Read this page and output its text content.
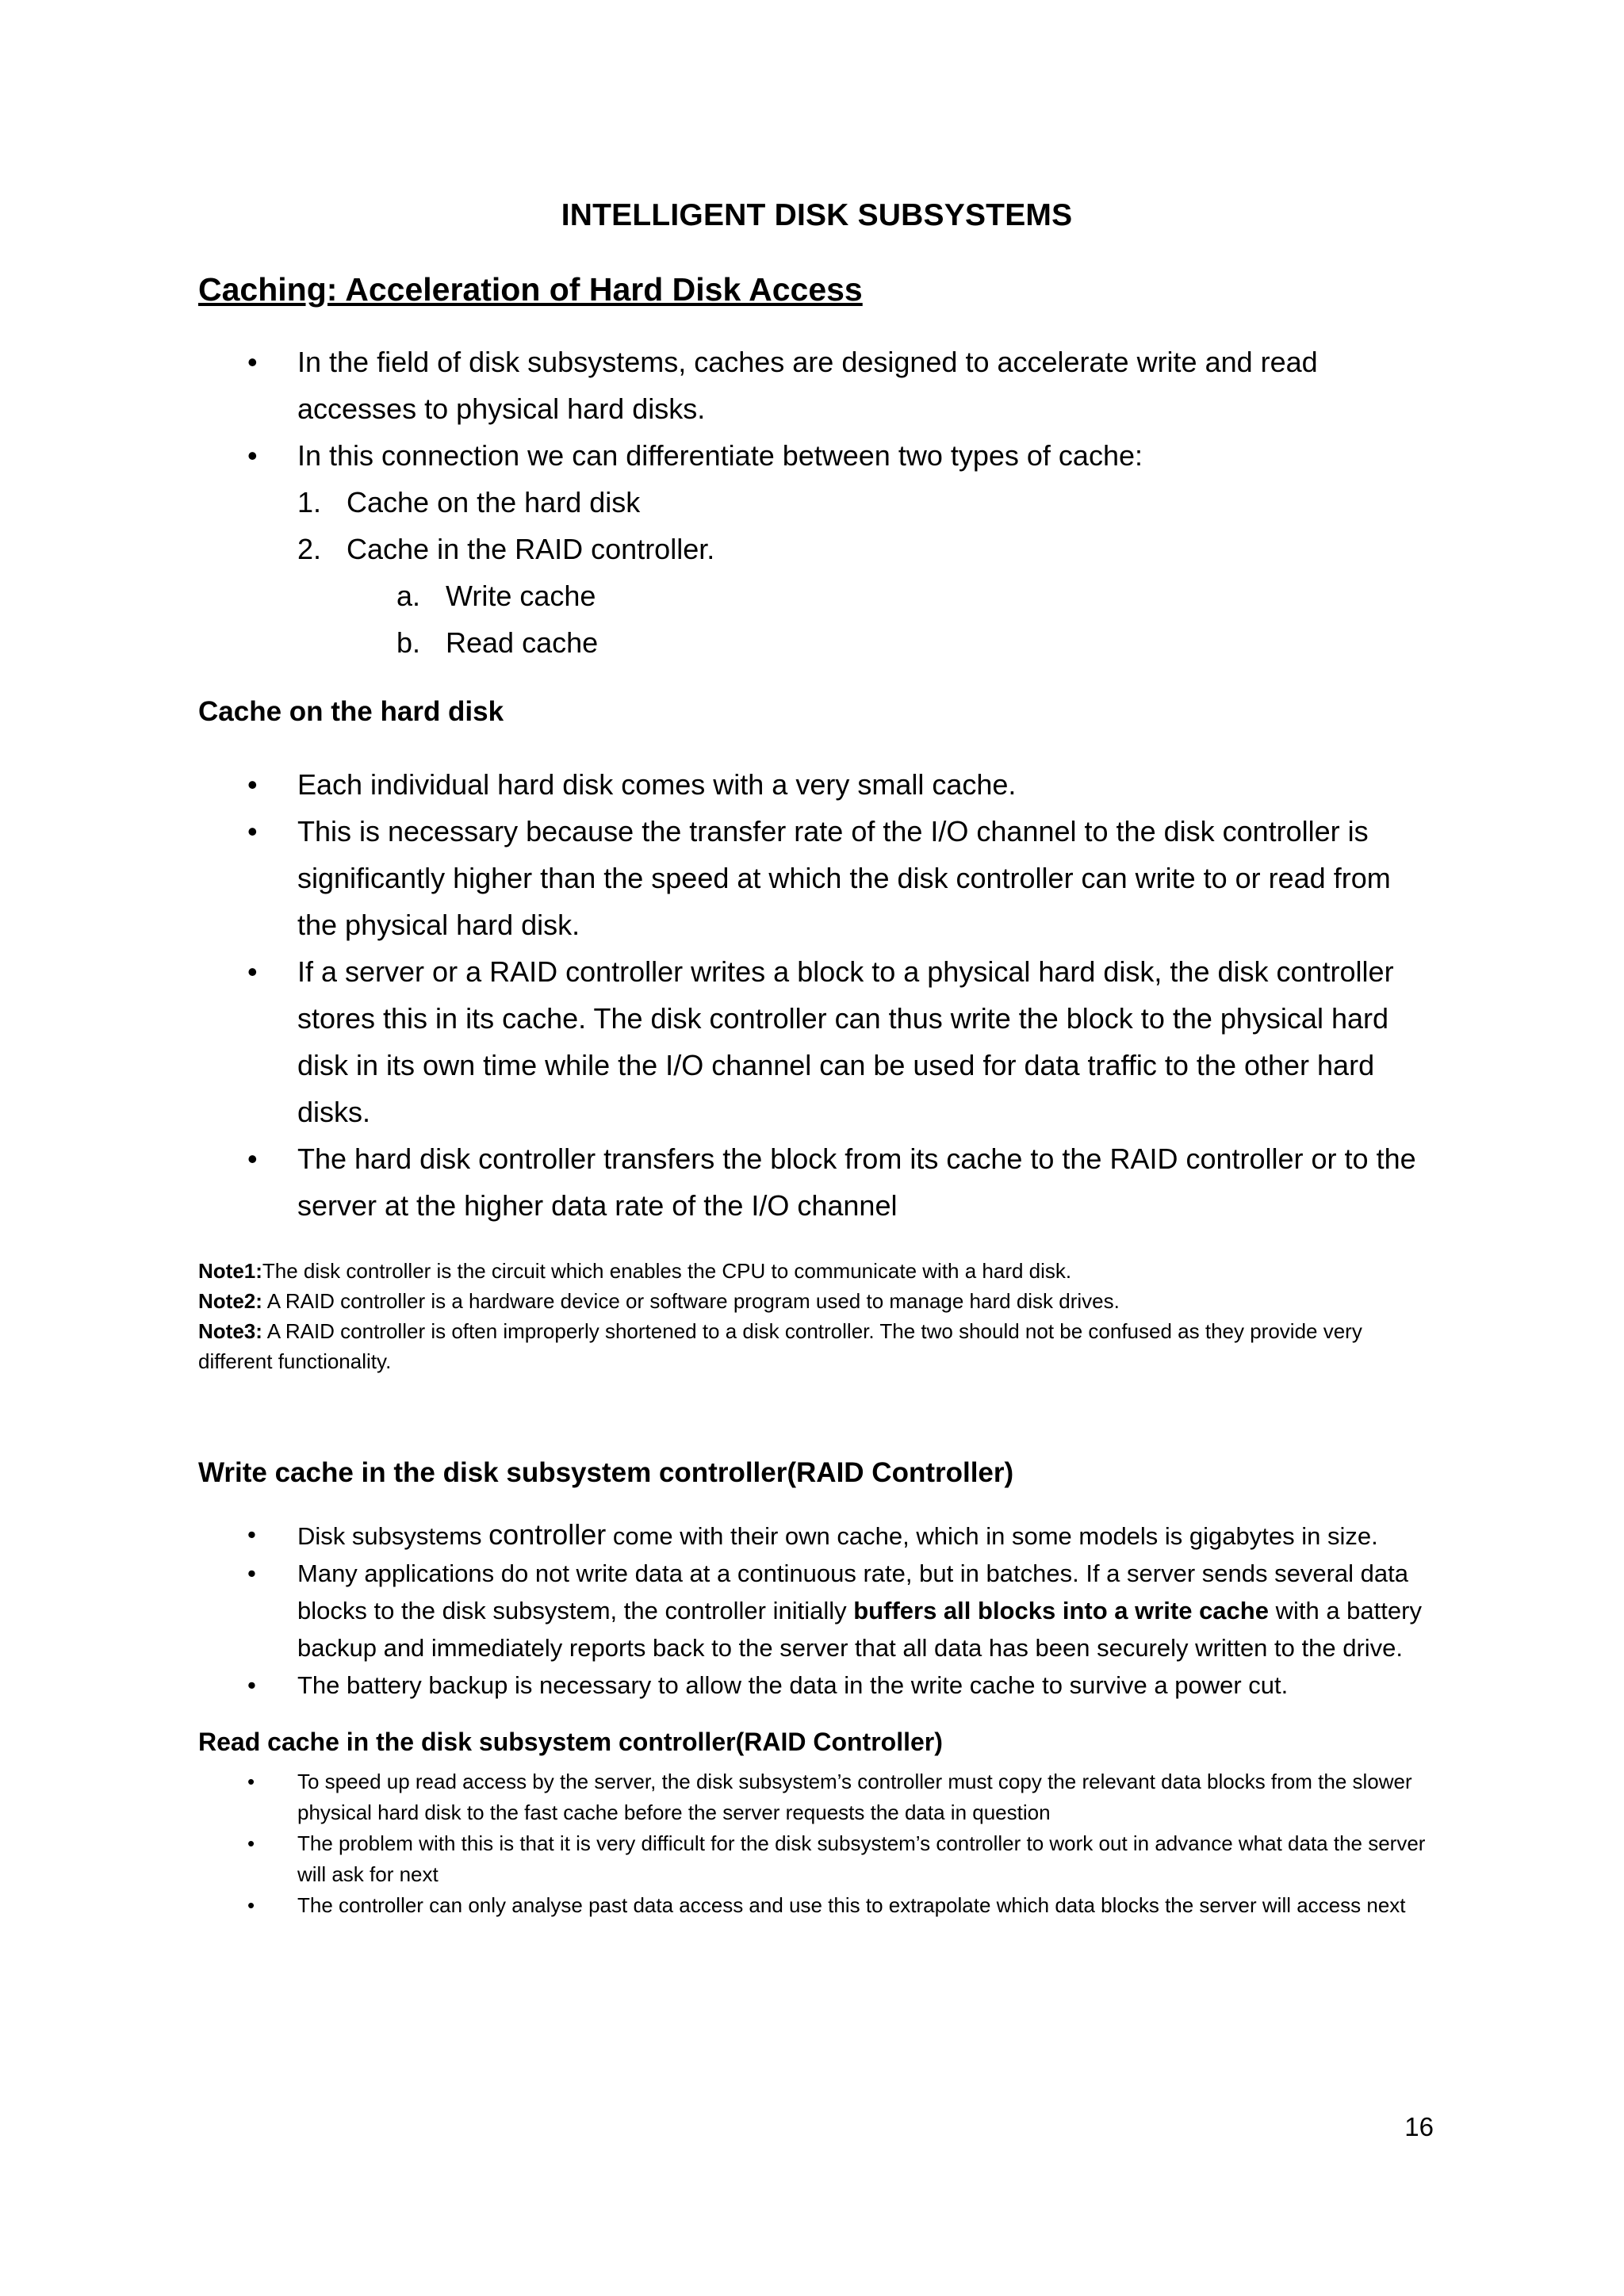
INTELLIGENT DISK SUBSYSTEMS
Caching: Acceleration of Hard Disk Access
• In the field of disk subsystems, caches are designed to accelerate write and read accesses to physical hard disks.
• In this connection we can differentiate between two types of cache:
1. Cache on the hard disk
2. Cache in the RAID controller.
a. Write cache
b. Read cache
Cache on the hard disk
• Each individual hard disk comes with a very small cache.
• This is necessary because the transfer rate of the I/O channel to the disk controller is significantly higher than the speed at which the disk controller can write to or read from the physical hard disk.
• If a server or a RAID controller writes a block to a physical hard disk, the disk controller stores this in its cache. The disk controller can thus write the block to the physical hard disk in its own time while the I/O channel can be used for data traffic to the other hard disks.
• The hard disk controller transfers the block from its cache to the RAID controller or to the server at the higher data rate of the I/O channel

Note1:The disk controller is the circuit which enables the CPU to communicate with a hard disk.

Note2: A RAID controller is a hardware device or software program used to manage hard disk drives.

Note3: A RAID controller is often improperly shortened to a disk controller. The two should not be confused as they provide very different functionality.

Write cache in the disk subsystem controller(RAID Controller)
• Disk subsystems controller come with their own cache, which in some models is gigabytes in size.
• Many applications do not write data at a continuous rate, but in batches. If a server sends several data blocks to the disk subsystem, the controller initially buffers all blocks into a write cache with a battery backup and immediately reports back to the server that all data has been securely written to the drive.
• The battery backup is necessary to allow the data in the write cache to survive a power cut.
Read cache in the disk subsystem controller(RAID Controller)
• To speed up read access by the server, the disk subsystem’s controller must copy the relevant data blocks from the slower physical hard disk to the fast cache before the server requests the data in question
• The problem with this is that it is very difficult for the disk subsystem’s controller to work out in advance what data the server will ask for next
• The controller can only analyse past data access and use this to extrapolate which data blocks the server will access next
16
